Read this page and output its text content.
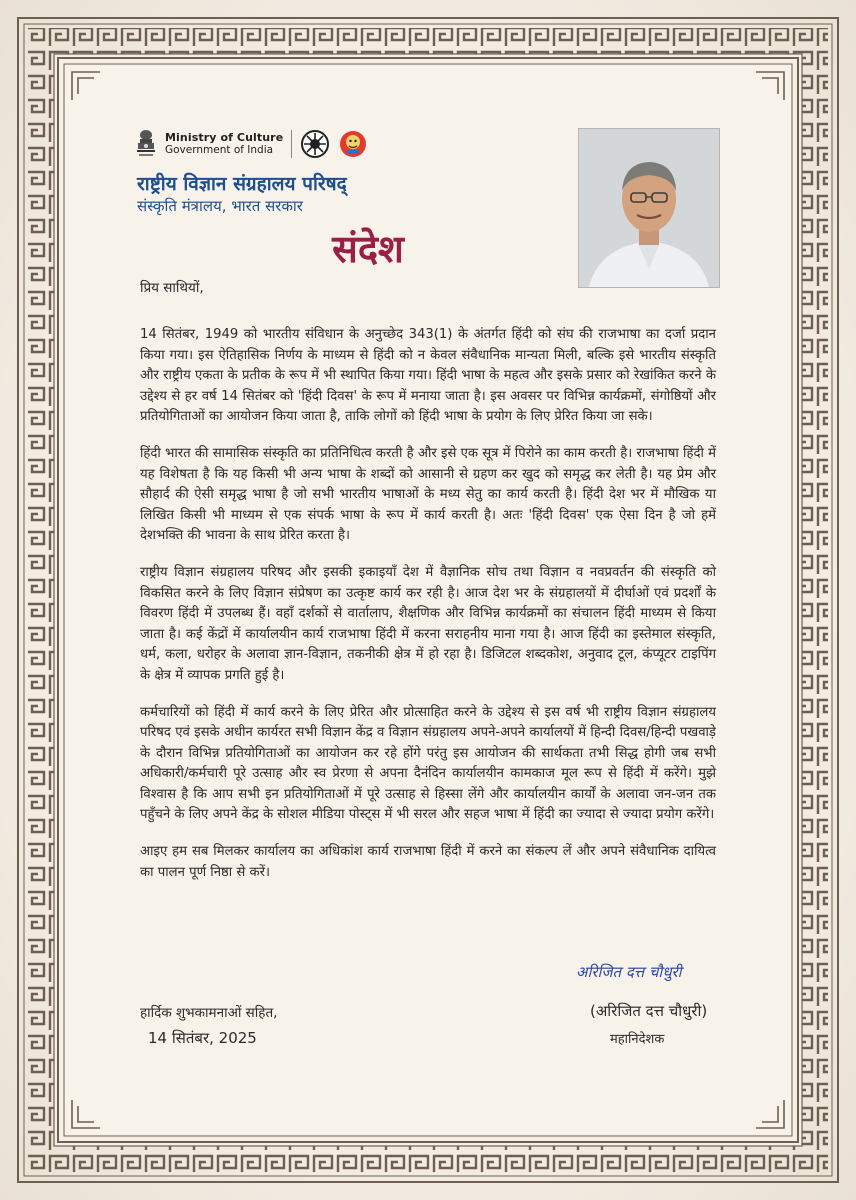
Ministry of Culture
Government of India
राष्ट्रीय विज्ञान संग्रहालय परिषद्
संस्कृति मंत्रालय, भारत सरकार
संदेश
प्रिय साथियों,

14 सितंबर, 1949 को भारतीय संविधान के अनुच्छेद 343(1) के अंतर्गत हिंदी को संघ की राजभाषा का दर्जा प्रदान किया गया। इस ऐतिहासिक निर्णय के माध्यम से हिंदी को न केवल संवैधानिक मान्यता मिली, बल्कि इसे भारतीय संस्कृति और राष्ट्रीय एकता के प्रतीक के रूप में भी स्थापित किया गया। हिंदी भाषा के महत्व और इसके प्रसार को रेखांकित करने के उद्देश्य से हर वर्ष 14 सितंबर को 'हिंदी दिवस' के रूप में मनाया जाता है। इस अवसर पर विभिन्न कार्यक्रमों, संगोष्ठियों और प्रतियोगिताओं का आयोजन किया जाता है, ताकि लोगों को हिंदी भाषा के प्रयोग के लिए प्रेरित किया जा सके।

हिंदी भारत की सामासिक संस्कृति का प्रतिनिधित्व करती है और इसे एक सूत्र में पिरोने का काम करती है। राजभाषा हिंदी में यह विशेषता है कि यह किसी भी अन्य भाषा के शब्दों को आसानी से ग्रहण कर खुद को समृद्ध कर लेती है। यह प्रेम और सौहार्द की ऐसी समृद्ध भाषा है जो सभी भारतीय भाषाओं के मध्य सेतु का कार्य करती है। हिंदी देश भर में मौखिक या लिखित किसी भी माध्यम से एक संपर्क भाषा के रूप में कार्य करती है। अतः 'हिंदी दिवस' एक ऐसा दिन है जो हमें देशभक्ति की भावना के साथ प्रेरित करता है।

राष्ट्रीय विज्ञान संग्रहालय परिषद और इसकी इकाइयाँ देश में वैज्ञानिक सोच तथा विज्ञान व नवप्रवर्तन की संस्कृति को विकसित करने के लिए विज्ञान संप्रेषण का उत्कृष्ट कार्य कर रही है। आज देश भर के संग्रहालयों में दीर्घाओं एवं प्रदर्शों के विवरण हिंदी में उपलब्ध हैं। वहाँ दर्शकों से वार्तालाप, शैक्षणिक और विभिन्न कार्यक्रमों का संचालन हिंदी माध्यम से किया जाता है। कई केंद्रों में कार्यालयीन कार्य राजभाषा हिंदी में करना सराहनीय माना गया है। आज हिंदी का इस्तेमाल संस्कृति, धर्म, कला, धरोहर के अलावा ज्ञान-विज्ञान, तकनीकी क्षेत्र में हो रहा है। डिजिटल शब्दकोश, अनुवाद टूल, कंप्यूटर टाइपिंग के क्षेत्र में व्यापक प्रगति हुई है।

कर्मचारियों को हिंदी में कार्य करने के लिए प्रेरित और प्रोत्साहित करने के उद्देश्य से इस वर्ष भी राष्ट्रीय विज्ञान संग्रहालय परिषद एवं इसके अधीन कार्यरत सभी विज्ञान केंद्र व विज्ञान संग्रहालय अपने-अपने कार्यालयों में हिन्दी दिवस/हिन्दी पखवाड़े के दौरान विभिन्न प्रतियोगिताओं का आयोजन कर रहे होंगे परंतु इस आयोजन की सार्थकता तभी सिद्ध होगी जब सभी अधिकारी/कर्मचारी पूरे उत्साह और स्व प्रेरणा से अपना दैनंदिन कार्यालयीन कामकाज मूल रूप से हिंदी में करेंगे। मुझे विश्वास है कि आप सभी इन प्रतियोगिताओं में पूरे उत्साह से हिस्सा लेंगे और कार्यालयीन कार्यों के अलावा जन-जन तक पहुँचने के लिए अपने केंद्र के सोशल मीडिया पोस्ट्स में भी सरल और सहज भाषा में हिंदी का ज्यादा से ज्यादा प्रयोग करेंगे।

आइए हम सब मिलकर कार्यालय का अधिकांश कार्य राजभाषा हिंदी में करने का संकल्प लें और अपने संवैधानिक दायित्व का पालन पूर्ण निष्ठा से करें।

हार्दिक शुभकामनाओं सहित,
14 सितंबर, 2025
अरिजित दत्त चौधुरी
(अरिजित दत्त चौधुरी)
महानिदेशक
